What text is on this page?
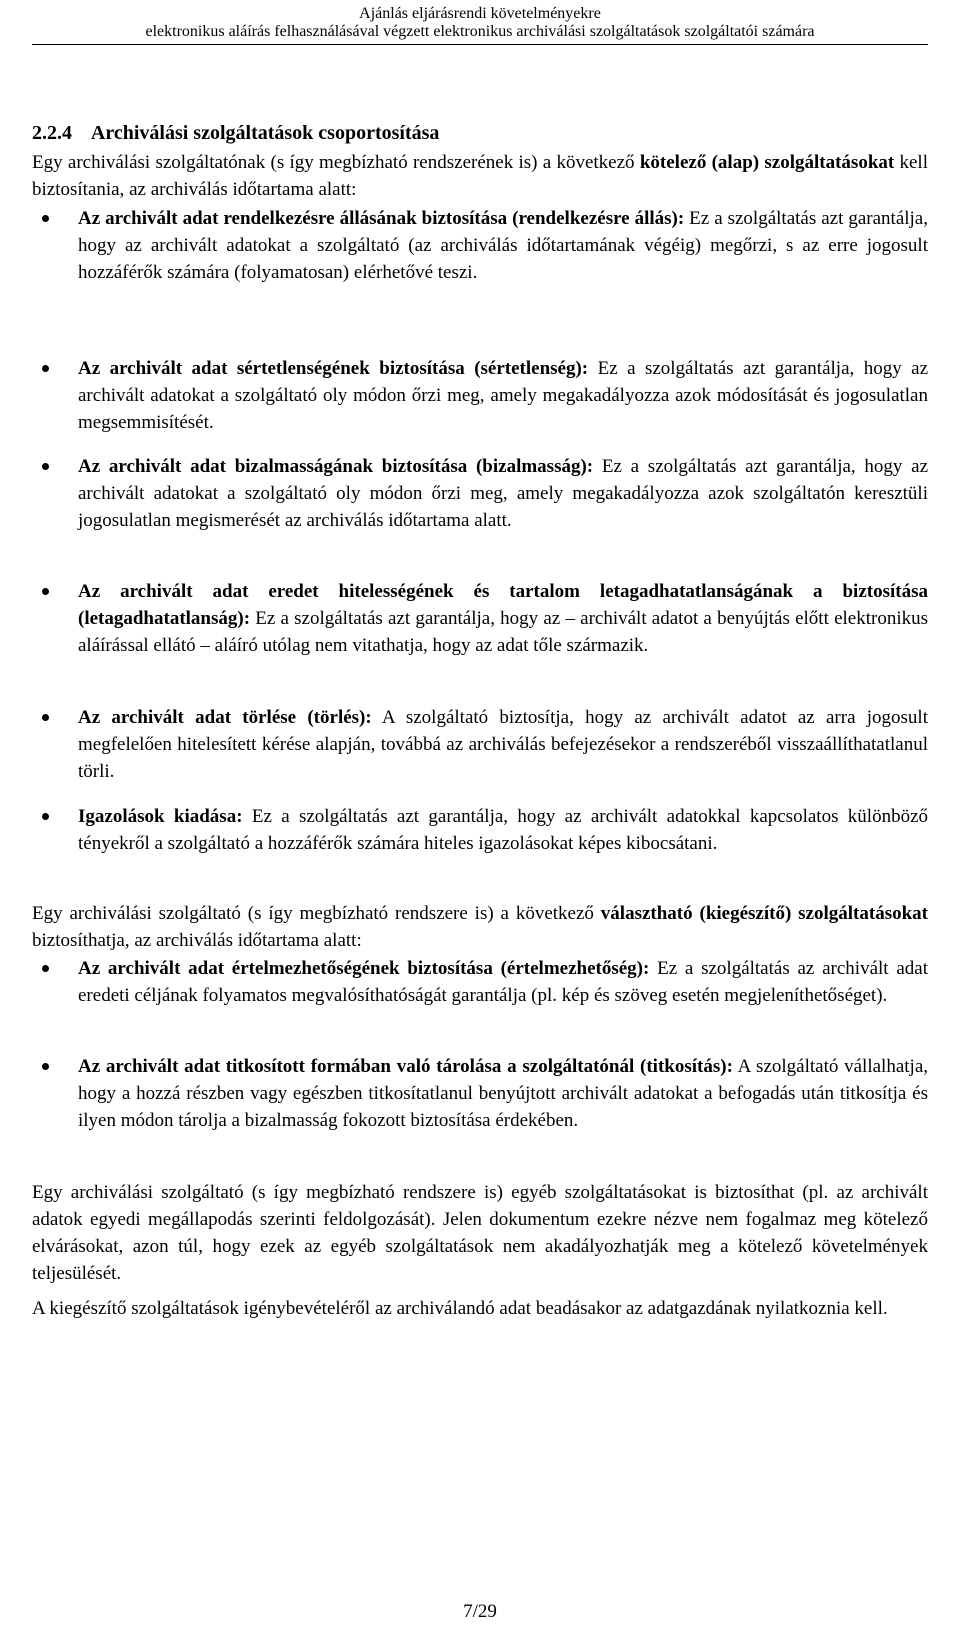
Ajánlás eljárásrendi követelményekre
elektronikus aláírás felhasználásával végzett elektronikus archiválási szolgáltatások szolgáltatói számára
2.2.4    Archiválási szolgáltatások csoportosítása
Egy archiválási szolgáltatónak (s így megbízható rendszerének is) a következő kötelező (alap) szolgáltatásokat kell biztosítania, az archiválás időtartama alatt:
Az archivált adat rendelkezésre állásának biztosítása (rendelkezésre állás): Ez a szolgáltatás azt garantálja, hogy az archivált adatokat a szolgáltató (az archiválás időtartamának végéig) megőrzi, s az erre jogosult hozzáférők számára (folyamatosan) elérhetővé teszi.
Az archivált adat sértetlenségének biztosítása (sértetlenség): Ez a szolgáltatás azt garantálja, hogy az archivált adatokat a szolgáltató oly módon őrzi meg, amely megakadályozza azok módosítását és jogosulatlan megsemmisítését.
Az archivált adat bizalmasságának biztosítása (bizalmasság): Ez a szolgáltatás azt garantálja, hogy az archivált adatokat a szolgáltató oly módon őrzi meg, amely megakadályozza azok szolgáltatón keresztüli jogosulatlan megismerését az archiválás időtartama alatt.
Az archivált adat eredet hitelességének és tartalom letagadhatatlanságának a biztosítása (letagadhatatlanság): Ez a szolgáltatás azt garantálja, hogy az – archivált adatot a benyújtás előtt elektronikus aláírással ellátó – aláíró utólag nem vitathatja, hogy az adat tőle származik.
Az archivált adat törlése (törlés): A szolgáltató biztosítja, hogy az archivált adatot az arra jogosult megfelelően hitelesített kérése alapján, továbbá az archiválás befejezésekor a rendszeréből visszaállíthatatlanul törli.
Igazolások kiadása: Ez a szolgáltatás azt garantálja, hogy az archivált adatokkal kapcsolatos különböző tényekről a szolgáltató a hozzáférők számára hiteles igazolásokat képes kibocsátani.
Egy archiválási szolgáltató (s így megbízható rendszere is) a következő választható (kiegészítő) szolgáltatásokat biztosíthatja, az archiválás időtartama alatt:
Az archivált adat értelmezhetőségének biztosítása (értelmezhetőség): Ez a szolgáltatás az archivált adat eredeti céljának folyamatos megvalósíthatóságát garantálja (pl. kép és szöveg esetén megjeleníthetőséget).
Az archivált adat titkosított formában való tárolása a szolgáltatónál (titkosítás): A szolgáltató vállalhatja, hogy a hozzá részben vagy egészben titkosítatlanul benyújtott archivált adatokat a befogadás után titkosítja és ilyen módon tárolja a bizalmasság fokozott biztosítása érdekében.
Egy archiválási szolgáltató (s így megbízható rendszere is) egyéb szolgáltatásokat is biztosíthat (pl. az archivált adatok egyedi megállapodás szerinti feldolgozását). Jelen dokumentum ezekre nézve nem fogalmaz meg kötelező elvárásokat, azon túl, hogy ezek az egyéb szolgáltatások nem akadályozhatják meg a kötelező követelmények teljesülését.
A kiegészítő szolgáltatások igénybevételéről az archiválandó adat beadásakor az adatgazdának nyilatkoznia kell.
7/29
